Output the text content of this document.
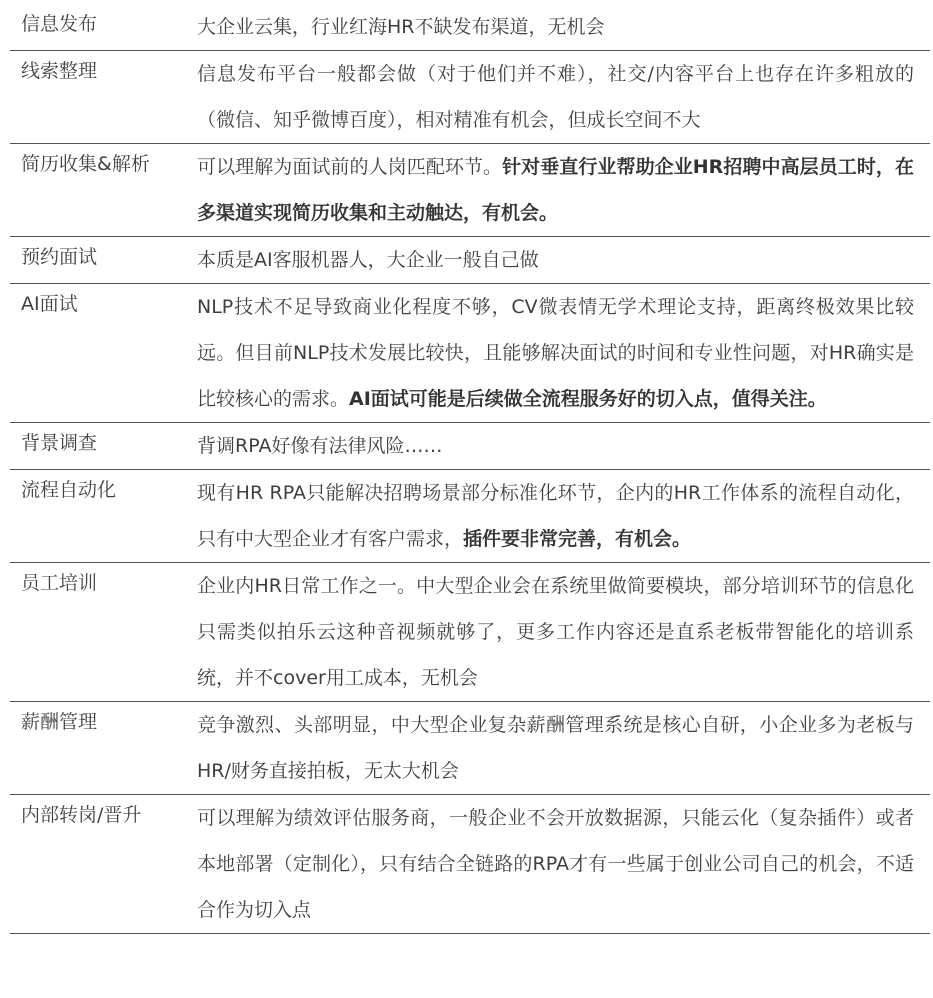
信息发布	大企业云集，行业红海HR不缺发布渠道，无机会
线索整理	信息发布平台一般都会做（对于他们并不难），社交/内容平台上也存在许多粗放的（微信、知乎微博百度），相对精准有机会，但成长空间不大
简历收集&解析	可以理解为面试前的人岗匹配环节。针对垂直行业帮助企业HR招聘中高层员工时，在多渠道实现简历收集和主动触达，有机会。
预约面试	本质是AI客服机器人，大企业一般自己做
AI面试	NLP技术不足导致商业化程度不够，CV微表情无学术理论支持，距离终极效果比较远。但目前NLP技术发展比较快，且能够解决面试的时间和专业性问题，对HR确实是比较核心的需求。AI面试可能是后续做全流程服务好的切入点，值得关注。
背景调查	背调RPA好像有法律风险……
流程自动化	现有HR RPA只能解决招聘场景部分标准化环节，企内的HR工作体系的流程自动化，只有中大型企业才有客户需求，插件要非常完善，有机会。
员工培训	企业内HR日常工作之一。中大型企业会在系统里做简要模块，部分培训环节的信息化只需类似拍乐云这种音视频就够了，更多工作内容还是直系老板带智能化的培训系统，并不cover用工成本，无机会
薪酬管理	竞争激烈、头部明显，中大型企业复杂薪酬管理系统是核心自研，小企业多为老板与HR/财务直接拍板，无太大机会
内部转岗/晋升	可以理解为绩效评估服务商，一般企业不会开放数据源，只能云化（复杂插件）或者本地部署（定制化），只有结合全链路的RPA才有一些属于创业公司自己的机会，不适合作为切入点
